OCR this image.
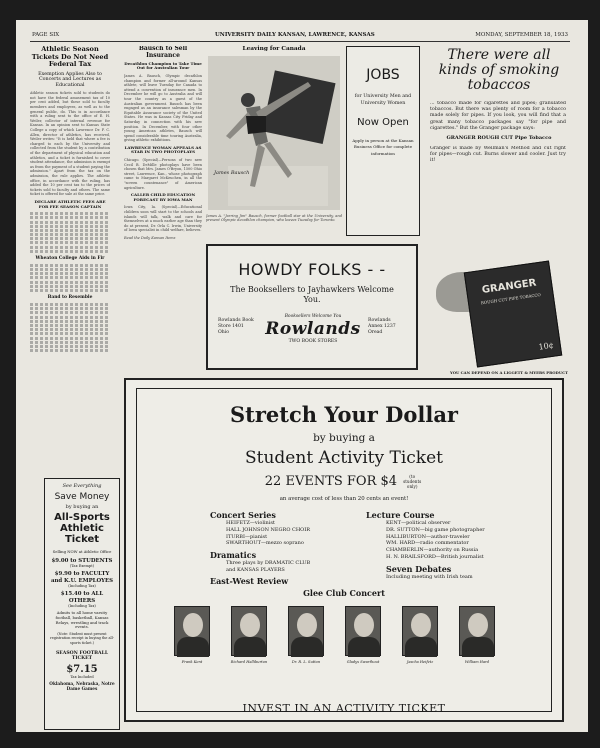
PAGE SIX	UNIVERSITY DAILY KANSAN, LAWRENCE, KANSAS	MONDAY, SEPTEMBER 18, 1933
Athletic Season Tickets Do Not Need Federal Tax
Exemption Applies Also to Concerts and Lectures as Educational
Athletic season tickets sold to students do not have the federal amusement tax of 10 per cent added, but these sold to faculty members and employees, as well as to the general public, do. This is in accordance with a ruling sent to the office of E. H. Weiler, collector of internal revenue for Kansas. In an opinion sent to Kansas State College a copy of which Lawrence Dr. F. C. Allen, director of athletics, has received, Weiler writes: "It is held that where a fee is charged to each by the University and collected from the student by a contribution of the department of physical education and athletics, and a ticket is furnished to cover student attendance, the admission is exempt as from the payment of a student paying the admission." Apart from the tax on the admission, the rule applies. The athletic office, in accordance with the ruling, has added the 10 per cent tax to the prices of tickets sold to faculty and others. The same ticket is offered for sale at the same price.
DECLARE ATHLETIC FEES ARE FOR FEE SEASON CAPTAIN
Wheaton College Aids in Fir
Band to Resemble
See Everything
Save Money
by buying an
All-Sports Athletic Ticket
Selling NOW at Athletic Office
$9.00 to STUDENTS
(Tax Exempt)
$9.90 to FACULTY and K.U. EMPLOYES
(Including Tax)
$15.40 to ALL OTHERS
(Including Tax)
Admits to all home varsity football, basketball, Kansas Relays, wrestling and track events.
(Note: Student must present registration receipt in buying the all-sports ticket.)
SEASON FOOTBALL TICKET
$7.15
Tax Included
Oklahoma, Nebraska, Notre Dame Games
Bausch to Sell Insurance
Decathlon Champion to Take Time Out for Australian Tour
James A. Bausch, Olympic decathlon champion and former all-around Kansas athlete, will leave Tuesday for Canada to attend a convention of insurance men. In December he will go to Australia and will tour the country as a guest of the Australian government. Bausch has been engaged as an insurance salesman by the Equitable Assurance society of the United States. He was in Kansas City Friday and Saturday in connection with his new position. In December, with four other young American athletes, Bausch will spend considerable time touring Australia, giving athletic exhibitions.
LAWRENCE WOMAN APPEALS AS STAR IN TWO PHOTOPLAYS
Chicago. (Special)—Persons of two new Cecil B. DeMille photoplays have been chosen that Mrs. James O'Bryon, 1500 Ohio street, Lawrence, Kan., whose photograph came to Margaret McKeuchen, in all the "screen countenance" of American agriculture.
CALLER CHILD EDUCATION FORECAST BY IOWA MAN
Iowa City, Ia. (Special)—Educational children soon will start to the schools and islands will talk, walk and care for themselves at a much earlier age than they do at present, Dr. Orla C. Irwin, University of Iowa specialist in child welfare, believes.
Read the Daily Kansan Items
Leaving for Canada
James Bausch
James A. "Jarring Jim" Bausch, former football star at the University, and present Olympic decathlon champion, who leaves Tuesday for Toronto.
JOBS
for University Men and University Women
Now Open
Apply in person at the Kansan Business Office for complete information
There were all kinds of smoking tobaccos
... tobacco made for cigarettes and pipes; granulated tobaccos. But there was plenty of room for a tobacco made solely for pipes. If you look, you will find that a great many tobacco packages say "for pipe and cigarettes." But the Granger package says:
GRANGER ROUGH CUT Pipe Tobacco
Granger is made by Wellman's Method and cut right for pipes—rough cut. Burns slower and cooler. Just try it!
GRANGER
ROUGH CUT PIPE TOBACCO
10¢
YOU CAN DEPEND ON A LIGGETT & MYERS PRODUCT
HOWDY FOLKS - -
The Booksellers to Jayhawkers Welcome You.
Rowlands Book Store 1401 Ohio
Rowlands Annex 1237 Oread
Booksellers Welcome You
Rowlands
TWO BOOK STORES
Stretch Your Dollar
by buying a
Student Activity Ticket
22 EVENTS FOR $4	(to students only)
an average cost of less than 20 cents an event!
Concert Series
HEIFETZ—violinist
HALL JOHNSON NEGRO CHOIR
ITURBI—pianist
SWARTHOUT—mezzo soprano
Dramatics
Three plays by DRAMATIC CLUB and KANSAS PLAYERS
East-West Review
Lecture Course
KENT—political observer
DR. SUTTON—big game photographer
HALLIBURTON—author-traveler
WM. HARD—radio commentator
CHAMBERLIN—authority on Russia
H. N. BRAILSFORD—British journalist
Seven Debates
Including meeting with Irish team
Glee Club Concert
Frank Kent	Richard Halliburton	Dr. R. L. Sutton	Gladys Swarthout	Jascha Heifetz	William Hard
INVEST IN AN ACTIVITY TICKET
